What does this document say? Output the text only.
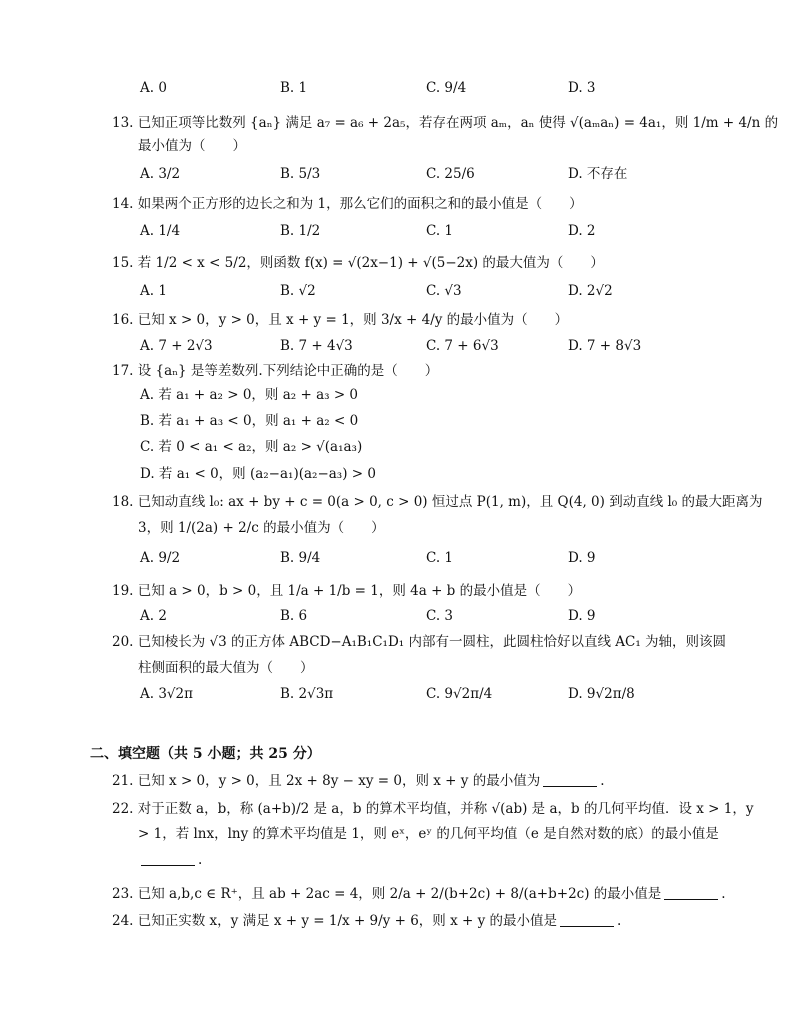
A. 0	B. 1	C. 9/4	D. 3
13. 已知正项等比数列 {aₙ} 满足 a₇ = a₆ + 2a₅，若存在两项 aₘ，aₙ 使得 √(aₘaₙ) = 4a₁，则 1/m + 4/n 的
最小值为（　　）
A. 3/2	B. 5/3	C. 25/6	D. 不存在
14. 如果两个正方形的边长之和为 1，那么它们的面积之和的最小值是（　　）
A. 1/4	B. 1/2	C. 1	D. 2
15. 若 1/2 < x < 5/2，则函数 f(x) = √(2x−1) + √(5−2x) 的最大值为（　　）
A. 1	B. √2	C. √3	D. 2√2
16. 已知 x > 0，y > 0，且 x + y = 1，则 3/x + 4/y 的最小值为（　　）
A. 7 + 2√3	B. 7 + 4√3	C. 7 + 6√3	D. 7 + 8√3
17. 设 {aₙ} 是等差数列.下列结论中正确的是（　　）
A. 若 a₁ + a₂ > 0，则 a₂ + a₃ > 0
B. 若 a₁ + a₃ < 0，则 a₁ + a₂ < 0
C. 若 0 < a₁ < a₂，则 a₂ > √(a₁a₃)
D. 若 a₁ < 0，则 (a₂−a₁)(a₂−a₃) > 0
18. 已知动直线 l₀: ax + by + c = 0(a > 0, c > 0) 恒过点 P(1, m)，且 Q(4, 0) 到动直线 l₀ 的最大距离为
3，则 1/(2a) + 2/c 的最小值为（　　）
A. 9/2	B. 9/4	C. 1	D. 9
19. 已知 a > 0，b > 0，且 1/a + 1/b = 1，则 4a + b 的最小值是（　　）
A. 2	B. 6	C. 3	D. 9
20. 已知棱长为 √3 的正方体 ABCD−A₁B₁C₁D₁ 内部有一圆柱，此圆柱恰好以直线 AC₁ 为轴，则该圆
柱侧面积的最大值为（　　）
A. 3√2π	B. 2√3π	C. 9√2π/4	D. 9√2π/8
二、填空题（共 5 小题；共 25 分）
21. 已知 x > 0，y > 0，且 2x + 8y − xy = 0，则 x + y 的最小值为	.
22. 对于正数 a，b，称 (a+b)/2 是 a，b 的算术平均值，并称 √(ab) 是 a，b 的几何平均值．设 x > 1，y
> 1，若 lnx，lny 的算术平均值是 1，则 eˣ，eʸ 的几何平均值（e 是自然对数的底）的最小值是
.
23. 已知 a,b,c ∈ R⁺，且 ab + 2ac = 4，则 2/a + 2/(b+2c) + 8/(a+b+2c) 的最小值是	.
24. 已知正实数 x，y 满足 x + y = 1/x + 9/y + 6，则 x + y 的最小值是	.
